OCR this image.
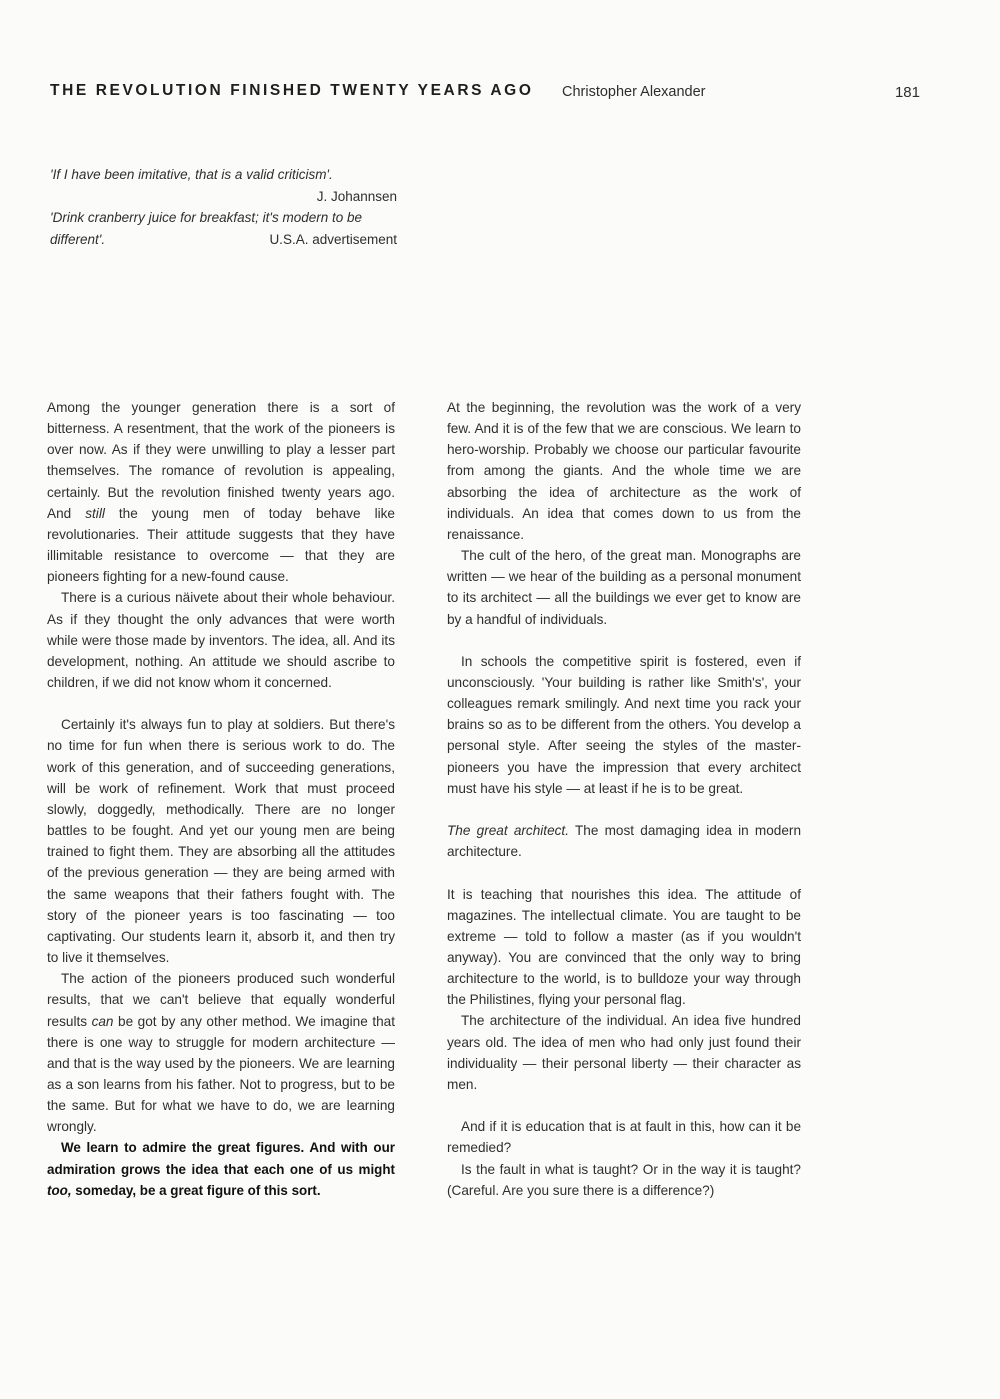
THE REVOLUTION FINISHED TWENTY YEARS AGO Christopher Alexander	181

'If I have been imitative, that is a valid criticism'.

J. Johannsen

'Drink cranberry juice for breakfast; it's modern to be

different'.	U.S.A. advertisement

Among the younger generation there is a sort of bitterness. A resentment, that the work of the pioneers is over now. As if they were unwilling to play a lesser part themselves. The romance of revolution is appealing, certainly. But the revolution finished twenty years ago. And still the young men of today behave like revolutionaries. Their attitude suggests that they have illimitable resistance to overcome — that they are pioneers fighting for a new-found cause.

There is a curious näivete about their whole behaviour. As if they thought the only advances that were worth while were those made by inventors. The idea, all. And its development, nothing. An attitude we should ascribe to children, if we did not know whom it concerned.

Certainly it's always fun to play at soldiers. But there's no time for fun when there is serious work to do. The work of this generation, and of succeeding generations, will be work of refinement. Work that must proceed slowly, doggedly, methodically. There are no longer battles to be fought. And yet our young men are being trained to fight them. They are absorbing all the attitudes of the previous generation — they are being armed with the same weapons that their fathers fought with. The story of the pioneer years is too fascinating — too captivating. Our students learn it, absorb it, and then try to live it themselves.

The action of the pioneers produced such wonderful results, that we can't believe that equally wonderful results can be got by any other method. We imagine that there is one way to struggle for modern architecture — and that is the way used by the pioneers. We are learning as a son learns from his father. Not to progress, but to be the same. But for what we have to do, we are learning wrongly.

We learn to admire the great figures. And with our admiration grows the idea that each one of us might too, someday, be a great figure of this sort.

At the beginning, the revolution was the work of a very few. And it is of the few that we are conscious. We learn to hero-worship. Probably we choose our particular favourite from among the giants. And the whole time we are absorbing the idea of architecture as the work of individuals. An idea that comes down to us from the renaissance.

The cult of the hero, of the great man. Monographs are written — we hear of the building as a personal monument to its architect — all the buildings we ever get to know are by a handful of individuals.

In schools the competitive spirit is fostered, even if unconsciously. 'Your building is rather like Smith's', your colleagues remark smilingly. And next time you rack your brains so as to be different from the others. You develop a personal style. After seeing the styles of the master-pioneers you have the impression that every architect must have his style — at least if he is to be great.

The great architect. The most damaging idea in modern architecture.

It is teaching that nourishes this idea. The attitude of magazines. The intellectual climate. You are taught to be extreme — told to follow a master (as if you wouldn't anyway). You are convinced that the only way to bring architecture to the world, is to bulldoze your way through the Philistines, flying your personal flag.

The architecture of the individual. An idea five hundred years old. The idea of men who had only just found their individuality — their personal liberty — their character as men.

And if it is education that is at fault in this, how can it be remedied?

Is the fault in what is taught? Or in the way it is taught? (Careful. Are you sure there is a difference?)
